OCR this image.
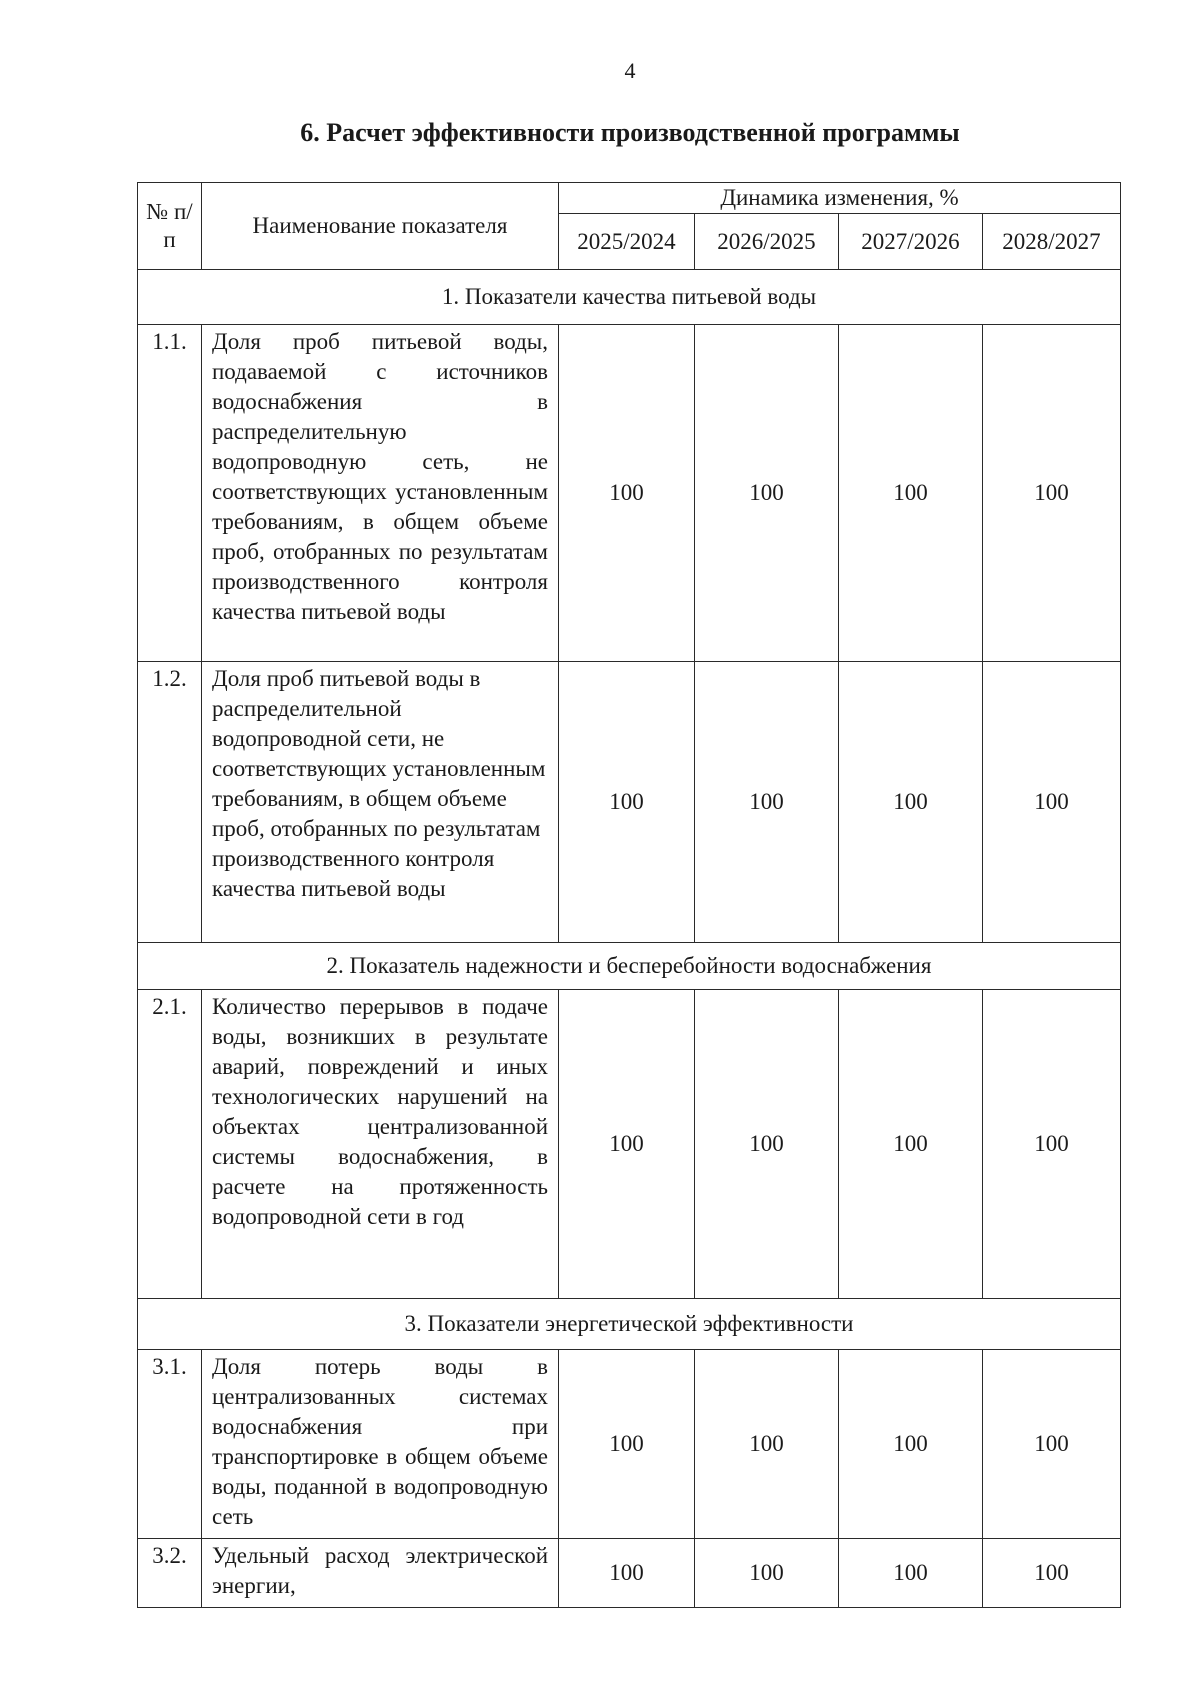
4
6. Расчет эффективности производственной программы
№ п/п	Наименование показателя	Динамика изменения, %			
		2025/2024	2026/2025	2027/2026	2028/2027
1. Показатели качества питьевой воды					
1.1.	Доля проб питьевой воды, подаваемой с источников водоснабжения в распределительную водопроводную сеть, не соответствующих установленным требованиям, в общем объеме проб, отобранных по результатам производственного контроля качества питьевой воды	100	100	100	100
1.2.	Доля проб питьевой воды в распределительной водопроводной сети, не соответствующих установленным требованиям, в общем объеме проб, отобранных по результатам производственного контроля качества питьевой воды	100	100	100	100
2. Показатель надежности и бесперебойности водоснабжения					
2.1.	Количество перерывов в подаче воды, возникших в результате аварий, повреждений и иных технологических нарушений на объектах централизованной системы водоснабжения, в расчете на протяженность водопроводной сети в год	100	100	100	100
3. Показатели энергетической эффективности					
3.1.	Доля потерь воды в централизованных системах водоснабжения при транспортировке в общем объеме воды, поданной в водопроводную сеть	100	100	100	100
3.2.	Удельный расход электрической энергии,	100	100	100	100
